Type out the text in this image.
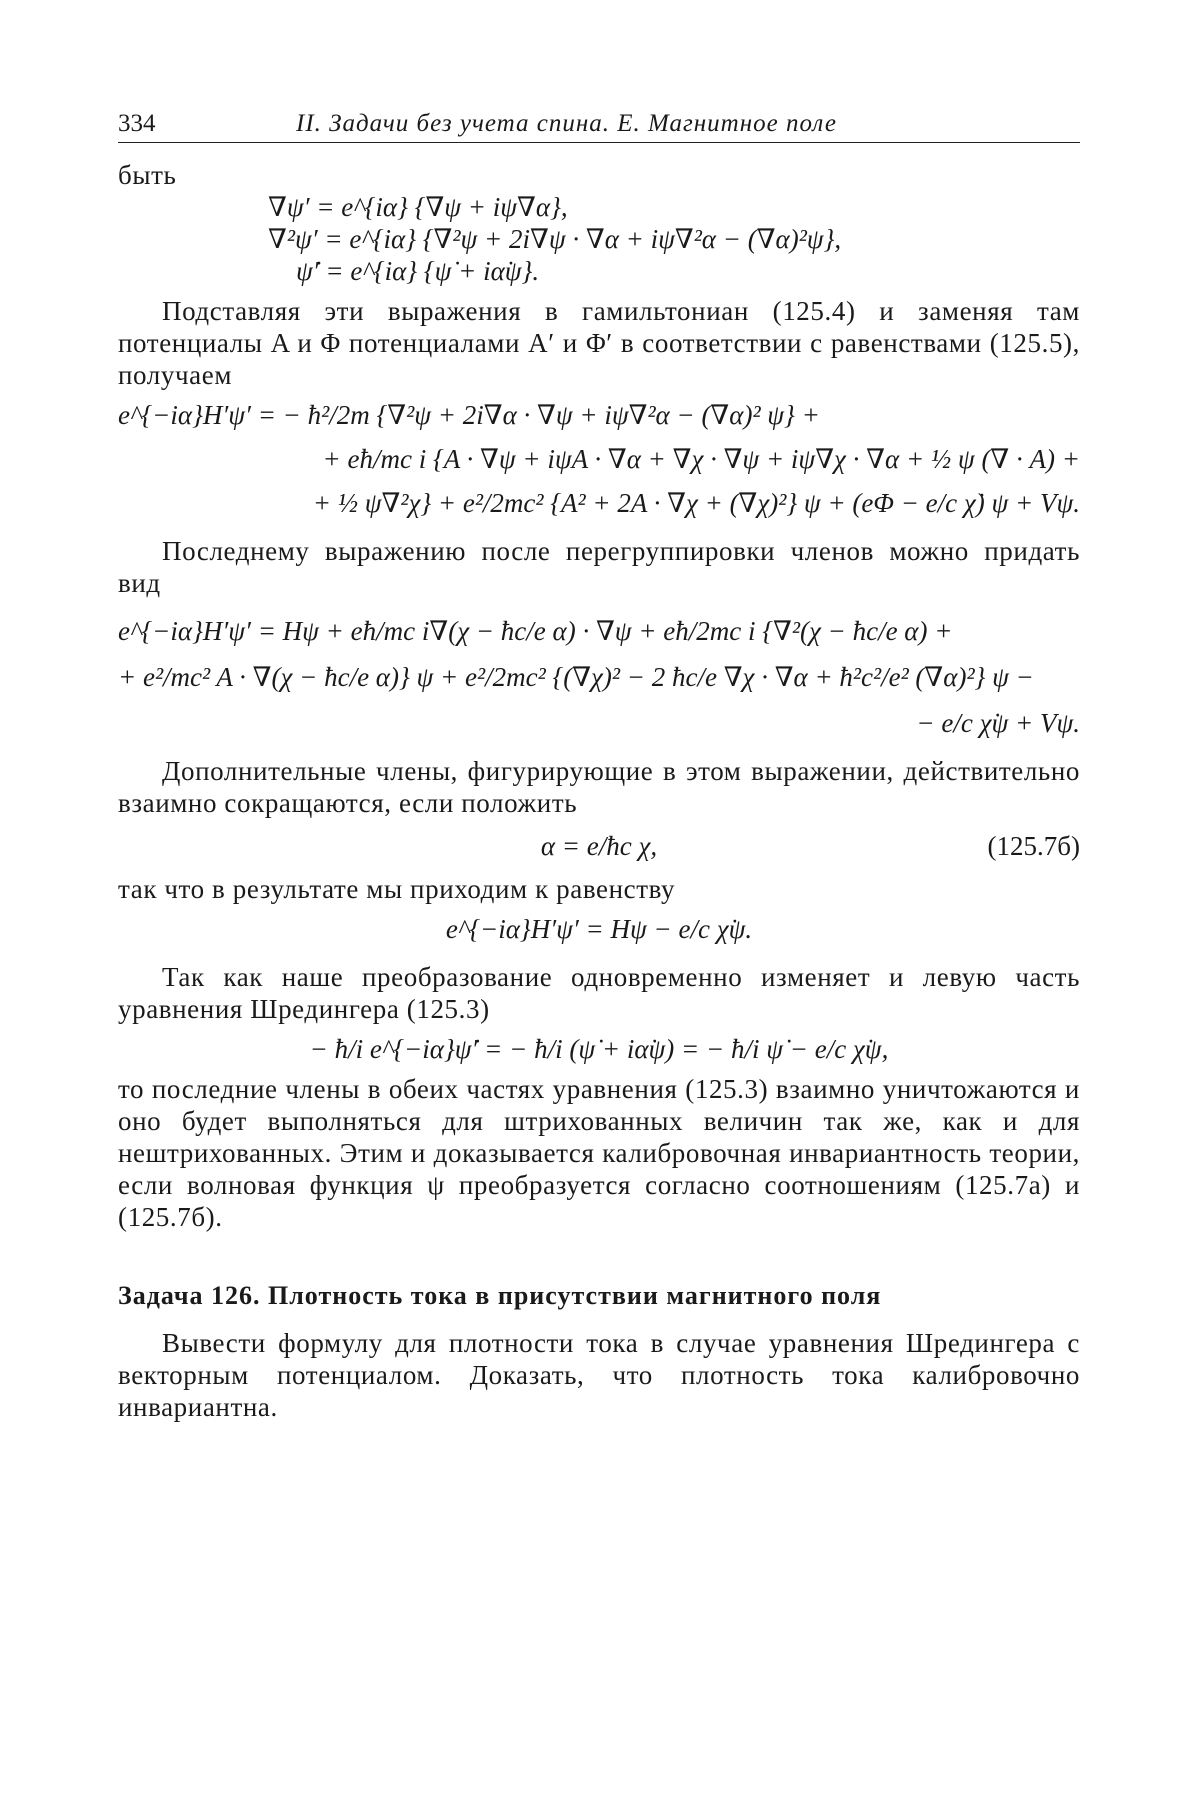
334	II. Задачи без учета спина. Е. Магнитное поле

быть

∇ψ′ = e^{iα} {∇ψ + iψ∇α},

∇²ψ′ = e^{iα} {∇²ψ + 2i∇ψ · ∇α + iψ∇²α − (∇α)²ψ},

ψ̇′ = e^{iα} {ψ̇ + iα̇ψ}.

Подставляя эти выражения в гамильтониан (125.4) и заменяя там потенциалы A и Φ потенциалами A′ и Φ′ в соответствии с равенствами (125.5), получаем

e^{−iα}H′ψ′ = − ħ²/2m {∇²ψ + 2i∇α · ∇ψ + iψ∇²α − (∇α)² ψ} +

+ eħ/mc i {A · ∇ψ + iψA · ∇α + ∇χ · ∇ψ + iψ∇χ · ∇α + ½ ψ (∇ · A) +

+ ½ ψ∇²χ} + e²/2mc² {A² + 2A · ∇χ + (∇χ)²} ψ + (eΦ − e/c χ̇) ψ + Vψ.

Последнему выражению после перегруппировки членов можно придать вид

e^{−iα}H′ψ′ = Hψ + eħ/mc i∇(χ − ħc/e α) · ∇ψ + eħ/2mc i {∇²(χ − ħc/e α) +

+ e²/mc² A · ∇(χ − ħc/e α)} ψ + e²/2mc² {(∇χ)² − 2 ħc/e ∇χ · ∇α + ħ²c²/e² (∇α)²} ψ −

− e/c χ̇ψ + Vψ.

Дополнительные члены, фигурирующие в этом выражении, действительно взаимно сокращаются, если положить

α = e/ħc χ,	(125.7б)

так что в результате мы приходим к равенству

e^{−iα}H′ψ′ = Hψ − e/c χ̇ψ.

Так как наше преобразование одновременно изменяет и левую часть уравнения Шредингера (125.3)

− ħ/i e^{−iα}ψ̇′ = − ħ/i (ψ̇ + iα̇ψ) = − ħ/i ψ̇ − e/c χ̇ψ,

то последние члены в обеих частях уравнения (125.3) взаимно уничтожаются и оно будет выполняться для штрихованных величин так же, как и для нештрихованных. Этим и доказывается калибровочная инвариантность теории, если волновая функция ψ преобразуется согласно соотношениям (125.7а) и (125.7б).

Задача 126. Плотность тока в присутствии магнитного поля

Вывести формулу для плотности тока в случае уравнения Шредингера с векторным потенциалом. Доказать, что плотность тока калибровочно инвариантна.
